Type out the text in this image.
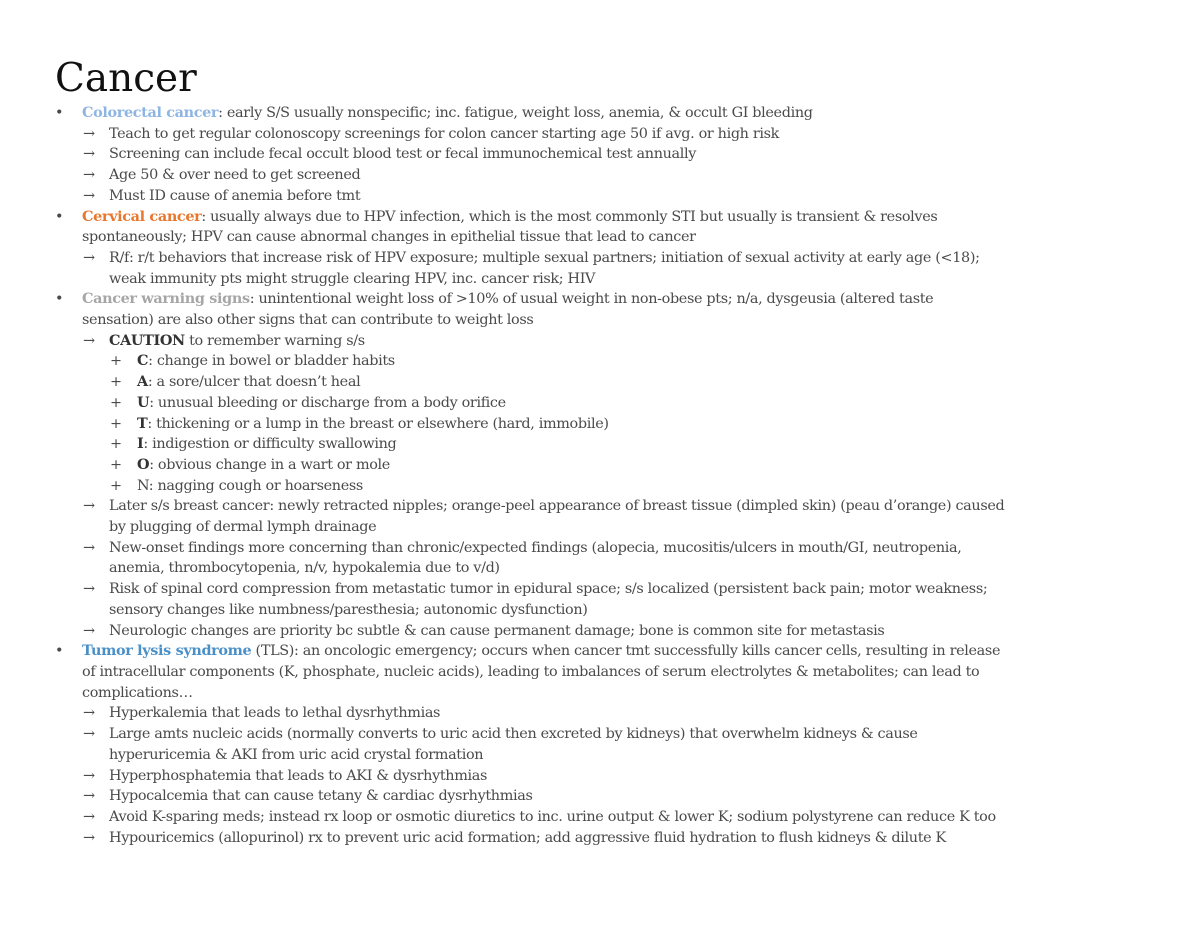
Cancer
• Colorectal cancer: early S/S usually nonspecific; inc. fatigue, weight loss, anemia, & occult GI bleeding
→ Teach to get regular colonoscopy screenings for colon cancer starting age 50 if avg. or high risk
→ Screening can include fecal occult blood test or fecal immunochemical test annually
→ Age 50 & over need to get screened
→ Must ID cause of anemia before tmt
• Cervical cancer: usually always due to HPV infection, which is the most commonly STI but usually is transient & resolves
spontaneously; HPV can cause abnormal changes in epithelial tissue that lead to cancer
→ R/f: r/t behaviors that increase risk of HPV exposure; multiple sexual partners; initiation of sexual activity at early age (<18);
weak immunity pts might struggle clearing HPV, inc. cancer risk; HIV
• Cancer warning signs: unintentional weight loss of >10% of usual weight in non-obese pts; n/a, dysgeusia (altered taste
sensation) are also other signs that can contribute to weight loss
→ CAUTION to remember warning s/s
+ C: change in bowel or bladder habits
+ A: a sore/ulcer that doesn’t heal
+ U: unusual bleeding or discharge from a body orifice
+ T: thickening or a lump in the breast or elsewhere (hard, immobile)
+ I: indigestion or difficulty swallowing
+ O: obvious change in a wart or mole
+ N: nagging cough or hoarseness
→ Later s/s breast cancer: newly retracted nipples; orange-peel appearance of breast tissue (dimpled skin) (peau d’orange) caused
by plugging of dermal lymph drainage
→ New-onset findings more concerning than chronic/expected findings (alopecia, mucositis/ulcers in mouth/GI, neutropenia,
anemia, thrombocytopenia, n/v, hypokalemia due to v/d)
→ Risk of spinal cord compression from metastatic tumor in epidural space; s/s localized (persistent back pain; motor weakness;
sensory changes like numbness/paresthesia; autonomic dysfunction)
→ Neurologic changes are priority bc subtle & can cause permanent damage; bone is common site for metastasis
• Tumor lysis syndrome (TLS): an oncologic emergency; occurs when cancer tmt successfully kills cancer cells, resulting in release
of intracellular components (K, phosphate, nucleic acids), leading to imbalances of serum electrolytes & metabolites; can lead to
complications…
→ Hyperkalemia that leads to lethal dysrhythmias
→ Large amts nucleic acids (normally converts to uric acid then excreted by kidneys) that overwhelm kidneys & cause
hyperuricemia & AKI from uric acid crystal formation
→ Hyperphosphatemia that leads to AKI & dysrhythmias
→ Hypocalcemia that can cause tetany & cardiac dysrhythmias
→ Avoid K-sparing meds; instead rx loop or osmotic diuretics to inc. urine output & lower K; sodium polystyrene can reduce K too
→ Hypouricemics (allopurinol) rx to prevent uric acid formation; add aggressive fluid hydration to flush kidneys & dilute K
